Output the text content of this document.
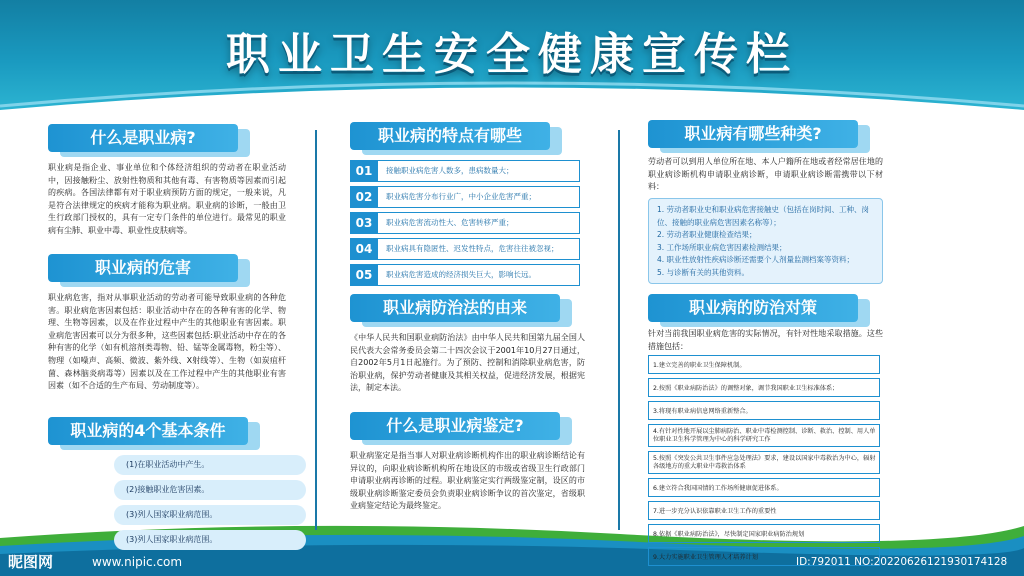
职业卫生安全健康宣传栏
什么是职业病?
职业病是指企业、事业单位和个体经济组织的劳动者在职业活动中，因接触粉尘、放射性物质和其他有毒、有害物质等因素而引起的疾病。各国法律都有对于职业病预防方面的规定，一般来说，凡是符合法律规定的疾病才能称为职业病。职业病的诊断，一般由卫生行政部门授权的，具有一定专门条件的单位进行。最常见的职业病有尘肺、职业中毒、职业性皮肤病等。
职业病的危害
职业病危害，指对从事职业活动的劳动者可能导致职业病的各种危害。职业病危害因素包括：职业活动中存在的各种有害的化学、物理、生物等因素，以及在作业过程中产生的其他职业有害因素。职业病危害因素可以分为很多种，这些因素包括:职业活动中存在的各种有害的化学（如有机溶剂类毒物、铅、锰等金属毒物，粉尘等）、物理（如噪声、高频、微波、紫外线、X射线等）、生物（如炭疽杆菌、森林脑炎病毒等）因素以及在工作过程中产生的其他职业有害因素（如不合适的生产布局、劳动制度等）。
职业病的4个基本条件
(1)在职业活动中产生。
(2)接触职业危害因素。
(3)列人国家职业病范围。
(3)列人国家职业病范围。
职业病的特点有哪些
01	接触职业病危害人数多，患病数量大；
02	职业病危害分布行业广，中小企业危害严重；
03	职业病危害流动性大、危害转移严重；
04	职业病具有隐匿性、迟发性特点，危害往往被忽视；
05	职业病危害造成的经济损失巨大，影响长远。
职业病防治法的由来
《中华人民共和国职业病防治法》由中华人民共和国第九届全国人民代表大会常务委员会第二十四次会议于2001年10月27日通过，自2002年5月1日起施行。为了预防、控制和消除职业病危害，防治职业病，保护劳动者健康及其相关权益，促进经济发展，根据宪法，制定本法。
什么是职业病鉴定?
职业病鉴定是指当事人对职业病诊断机构作出的职业病诊断结论有异议的，向职业病诊断机构所在地设区的市级或省级卫生行政部门申请职业病再诊断的过程。职业病鉴定实行两级鉴定制，设区的市级职业病诊断鉴定委员会负责职业病诊断争议的首次鉴定，省级职业病鉴定结论为最终鉴定。
职业病有哪些种类?
劳动者可以到用人单位所在地、本人户籍所在地或者经常居住地的职业病诊断机构申请职业病诊断，申请职业病诊断需携带以下材料：
1. 劳动者职业史和职业病危害接触史（包括在岗时间、工种、岗位、接触的职业病危害因素名称等）；
2. 劳动者职业健康检查结果；
3. 工作场所职业病危害因素检测结果；
4. 职业性放射性疾病诊断还需要个人剂量监测档案等资料；
5. 与诊断有关的其他资料。
职业病的防治对策
针对当前我国职业病危害的实际情况，有针对性地采取措施。这些措施包括：
1.建立完善的职业卫生保障机制。
2.按照《职业病防治法》的调整对象，调节我国职业卫生标准体系；
3.将现有职业病信息网络重新整合。
4.有针对性地开展以尘肺病防治、职业中毒检测控制、诊断、救治、控制、用人单位职业卫生科学管理为中心的科学研究工作
5.按照《突发公共卫生事件应急处理法》要求，建设以国家中毒救治为中心，辐射各级地方的重大职业中毒救治体系
6.建立符合我国国情的工作场所健康促进体系。
7.进一步充分认识依靠职业卫生工作的重要性
8.依据《职业病防治法》，尽快制定国家职业病防治规划
9.大力实施职业卫生管理人才培养计划
昵图网	www.nipic.com	ID:792011 NO:20220626121930174128
